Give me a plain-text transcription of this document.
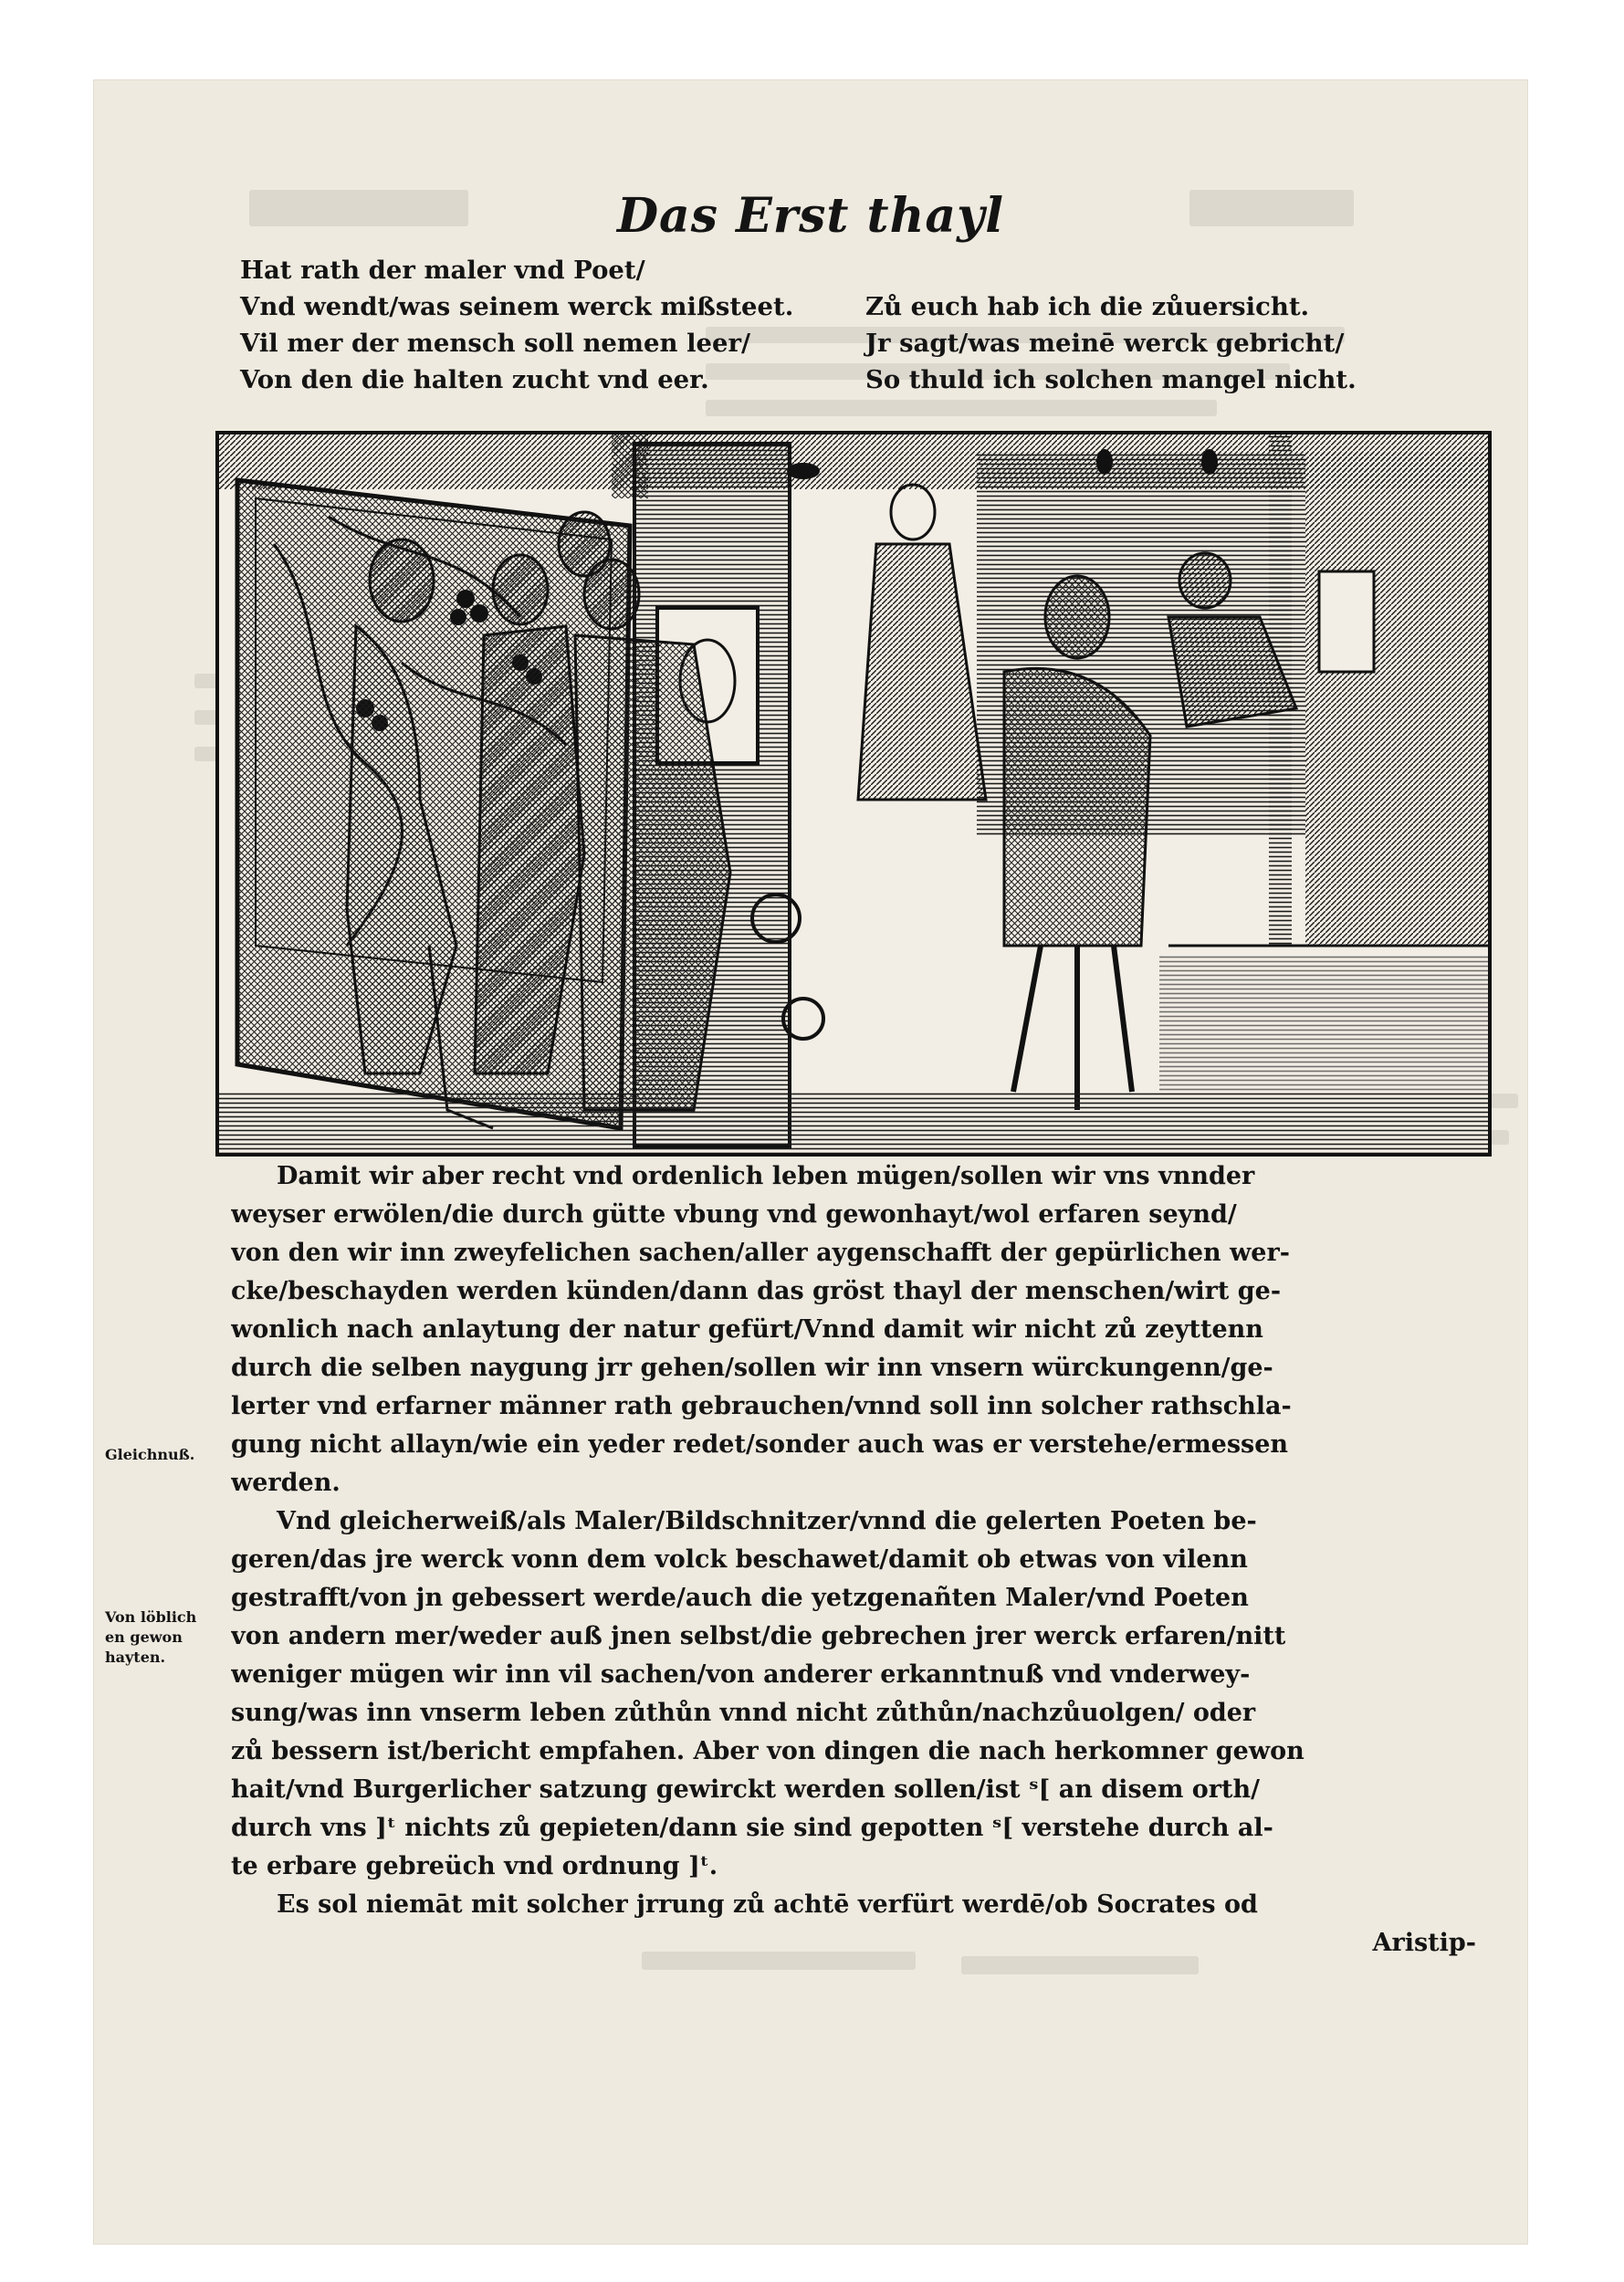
Das Erst thayl
Hat rath der maler vnd Poet/
Vnd wendt/was seinem werck mißsteet.	Zů euch hab ich die zůuersicht.
Vil mer der mensch soll nemen leer/	Jr sagt/was meinē werck gebricht/
Von den die halten zucht vnd eer.	So thuld ich solchen mangel nicht.
Gleichnuß.
Von löblich en gewon hayten.
Damit wir aber recht vnd ordenlich leben mügen/sollen wir vns vnnder
weyser erwölen/die durch gütte vbung vnd gewonhayt/wol erfaren seynd/
von den wir inn zweyfelichen sachen/aller aygenschafft der gepürlichen wer-
cke/beschayden werden künden/dann das gröst thayl der menschen/wirt ge-
wonlich nach anlaytung der natur gefürt/Vnnd damit wir nicht zů zeyttenn
durch die selben naygung jrr gehen/sollen wir inn vnsern würckungenn/ge-
lerter vnd erfarner männer rath gebrauchen/vnnd soll inn solcher rathschla-
gung nicht allayn/wie ein yeder redet/sonder auch was er verstehe/ermessen
werden.
Vnd gleicherweiß/als Maler/Bildschnitzer/vnnd die gelerten Poeten be-
geren/das jre werck vonn dem volck beschawet/damit ob etwas von vilenn
gestrafft/von jn gebessert werde/auch die yetzgenañten Maler/vnd Poeten
von andern mer/weder auß jnen selbst/die gebrechen jrer werck erfaren/nitt
weniger mügen wir inn vil sachen/von anderer erkanntnuß vnd vnderwey-
sung/was inn vnserm leben zůthůn vnnd nicht zůthůn/nachzůuolgen/ oder
zů bessern ist/bericht empfahen. Aber von dingen die nach herkomner gewon
hait/vnd Burgerlicher satzung gewirckt werden sollen/ist ˢ[ an disem orth/
durch vns ]ᵗ nichts zů gepieten/dann sie sind gepotten ˢ[ verstehe durch al-
te erbare gebreüch vnd ordnung ]ᵗ.
Es sol niemāt mit solcher jrrung zů achtē verfürt werdē/ob Socrates od
Aristip-
